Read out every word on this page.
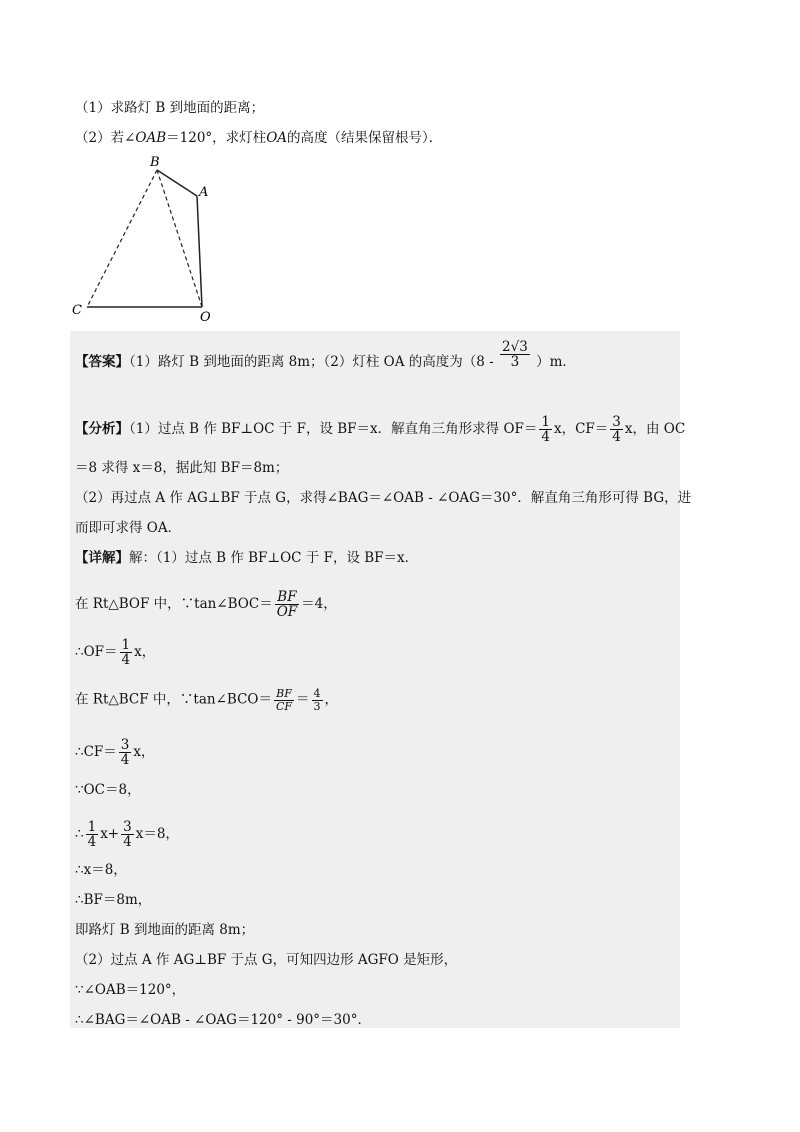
（1）求路灯 B 到地面的距离；
（2）若∠OAB＝120°，求灯柱OA的高度（结果保留根号）．
B
A
C	O
【答案】（1）路灯 B 到地面的距离 8m；（2）灯柱 OA 的高度为$(8 - \frac{2√3}{3} )m$．
【分析】（1）过点 B 作 BF⊥OC 于 F，设 BF＝x．解直角三角形求得 $OF= \frac{1}{4}$ x，$CF= \frac{3}{4}$ x，由 OC
＝8 求得 x＝8，据此知 BF＝8m；
（2）再过点 A 作 AG⊥BF 于点 G，求得∠BAG＝∠OAB - ∠OAG＝30°．解直角三角形可得 BG，进
而即可求得 OA．
【详解】解：（1）过点 B 作 BF⊥OC 于 F，设 BF＝x．
在 Rt△BOF 中，∵tan∠BOC＝ $\frac{BF}{OF} =4$，
∴OF＝ $\frac{1}{4}$ x，
在 Rt△BCF 中，∵tan∠BCO＝ $\frac{BF}{CF} = \frac{4}{3}$ ，
∴CF＝ $\frac{3}{4}$ x，
∵OC＝8，
∴ $\frac{1}{4} x+ \frac{3}{4} x=8$，
∴x＝8，
∴BF＝8m，
即路灯 B 到地面的距离 8m；
（2）过点 A 作 AG⊥BF 于点 G，可知四边形 AGFO 是矩形，
∵∠OAB＝120°，
∴∠BAG＝∠OAB - ∠OAG＝120° - 90°＝30°．
